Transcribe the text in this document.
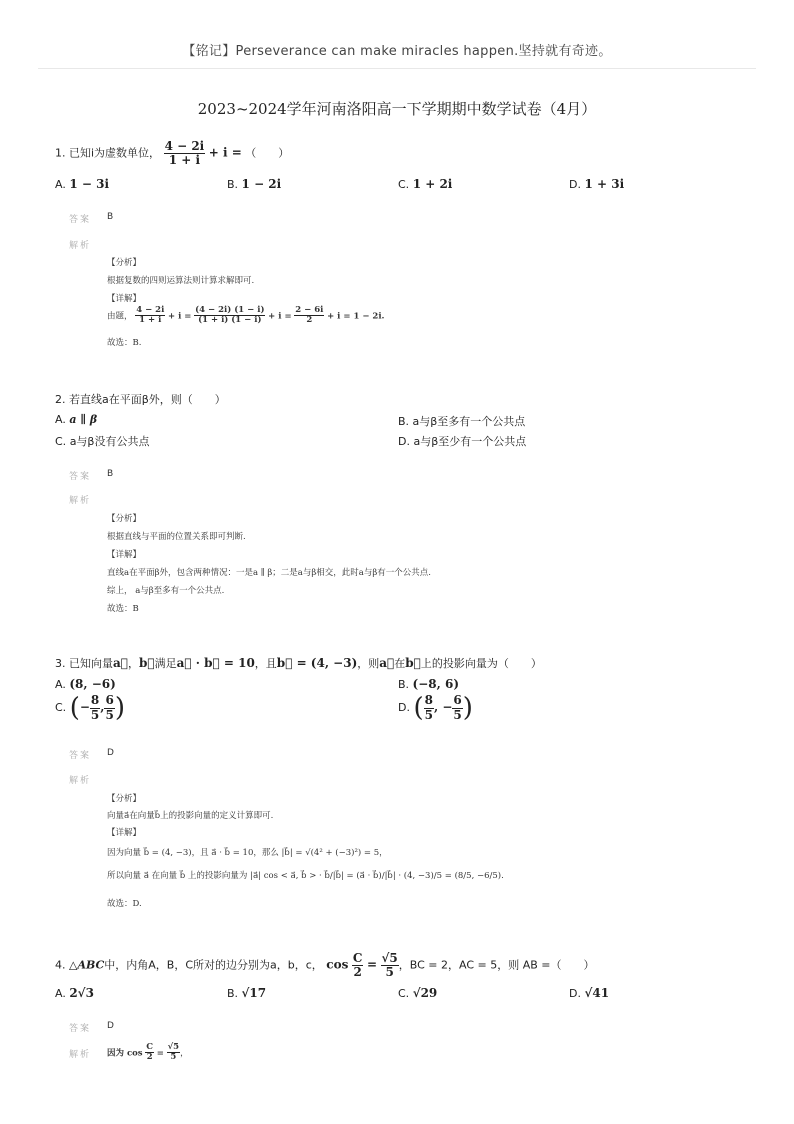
【铭记】Perseverance can make miracles happen.坚持就有奇迹。
2023~2024学年河南洛阳高一下学期期中数学试卷（4月）
1. 已知i为虚数单位， $\frac{4 - 2i}{1 + i} + i$ = （　　）
A. 1 − 3i	B. 1 − 2i	C. 1 + 2i	D. 1 + 3i
答案 B
解析
【分析】
根据复数的四则运算法则计算求解即可.
【详解】
由题， $\frac{4 - 2i}{1 + i} + i = \frac{(4 - 2i) (1 - i)}{(1 + i) (1 - i)} + i = \frac{2 - 6i}{2} + i = 1 - 2i$.
故选：B.
2. 若直线a在平面β外，则（　　）
A. a ∥ β	B. a与β至多有一个公共点
C. a与β没有公共点	D. a与β至少有一个公共点
答案 B
解析
【分析】
根据直线与平面的位置关系即可判断.
【详解】
直线a在平面β外，包含两种情况：一是a ∥ β；二是a与β相交，此时a与β有一个公共点.
综上， a与β至多有一个公共点.
故选：B
3. 已知向量a⃗，b⃗满足a⃗ · b⃗ = 10，且b⃗ = (4, −3)，则a⃗在b⃗上的投影向量为（　　）
A. (8, −6)	B. (−8, 6)
C. (− $\frac{8}{5}$ , $\frac{6}{5}$ )	D. ( $\frac{8}{5}$ , − $\frac{6}{5}$ )
答案 D
解析
【分析】
向量a⃗在向量b⃗上的投影向量的定义计算即可.
【详解】
因为向量 b⃗ = (4, −3)，且 a⃗ · b⃗ = 10，那么 |b⃗| = √(4² + (−3)²) = 5，
所以向量 a⃗ 在向量 b⃗ 上的投影向量为 |a⃗| cos < a⃗, b⃗ > · b⃗/|b⃗| = (a⃗ · b⃗)/|b⃗| · (4, −3)/5 = (8/5, −6/5).
故选：D.
4. △ABC中，内角A，B，C所对的边分别为a，b，c， $\cos \frac{C}{2} = \frac{√5}{5}$ ，BC = 2，AC = 5，则 AB =（　　）
A. 2√3	B. √17	C. √29	D. √41
答案 D
解析 因为 $\cos \frac{C}{2} = \frac{√5}{5}$ ，
